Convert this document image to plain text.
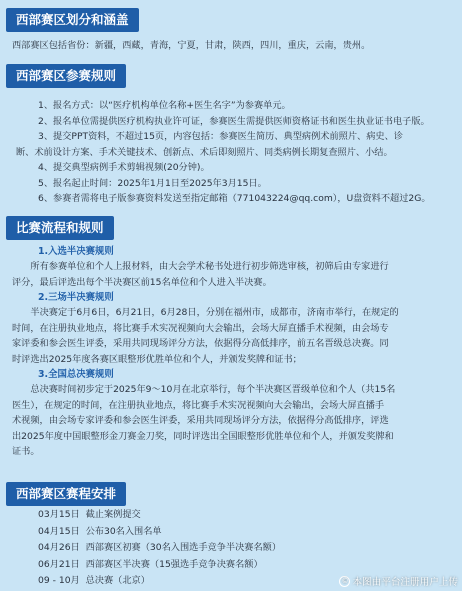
西部赛区划分和涵盖
西部赛区包括省份：新疆，西藏，青海，宁夏，甘肃，陕西，四川，重庆，云南，贵州。
西部赛区参赛规则
1、报名方式：以“医疗机构单位名称+医生名字”为参赛单元。
2、报名单位需提供医疗机构执业许可证，参赛医生需提供医师资格证书和医生执业证书电子版。
3、提交PPT资料，不超过15页，内容包括：参赛医生简历、典型病例术前照片、病史、诊
断、术前设计方案、手术关键技术、创新点、术后即刻照片、同类病例长期复查照片、小结。
4、提交典型病例手术剪辑视频(20分钟)。
5、报名起止时间：2025年1月1日至2025年3月15日。
6、参赛者需将电子版参赛资料发送至指定邮箱（771043224@qq.com），U盘资料不超过2G。
比赛流程和规则
1.入选半决赛规则
所有参赛单位和个人上报材料，由大会学术秘书处进行初步筛选审核，初筛后由专家进行
评分，最后评选出每个半决赛区前15名单位和个人进入半决赛。
2.三场半决赛规则
半决赛定于6月6日，6月21日，6月28日，分别在福州市，成都市，济南市举行，在规定的
时间，在注册执业地点，将比赛手术实况视频向大会输出，会场大屏直播手术视频，由会场专
家评委和参会医生评委，采用共同现场评分方法，依据得分高低排序，前五名晋级总决赛。同
时评选出2025年度各赛区眼整形优胜单位和个人，并颁发奖牌和证书；
3.全国总决赛规则
总决赛时间初步定于2025年9～10月在北京举行，每个半决赛区晋级单位和个人（共15名
医生），在规定的时间，在注册执业地点，将比赛手术实况视频向大会输出，会场大屏直播手
术视频，由会场专家评委和参会医生评委，采用共同现场评分方法，依据得分高低排序，评选
出2025年度中国眼整形金刀赛金刀奖，同时评选出全国眼整形优胜单位和个人，并颁发奖牌和
证书。
西部赛区赛程安排
03月15日 截止案例提交
04月15日 公布30名入围名单
04月26日 西部赛区初赛（30名入围选手竞争半决赛名额）
06月21日 西部赛区半决赛（15强选手竞争决赛名额）
09 - 10月 总决赛（北京）	© 本图由平台注册用户上传
